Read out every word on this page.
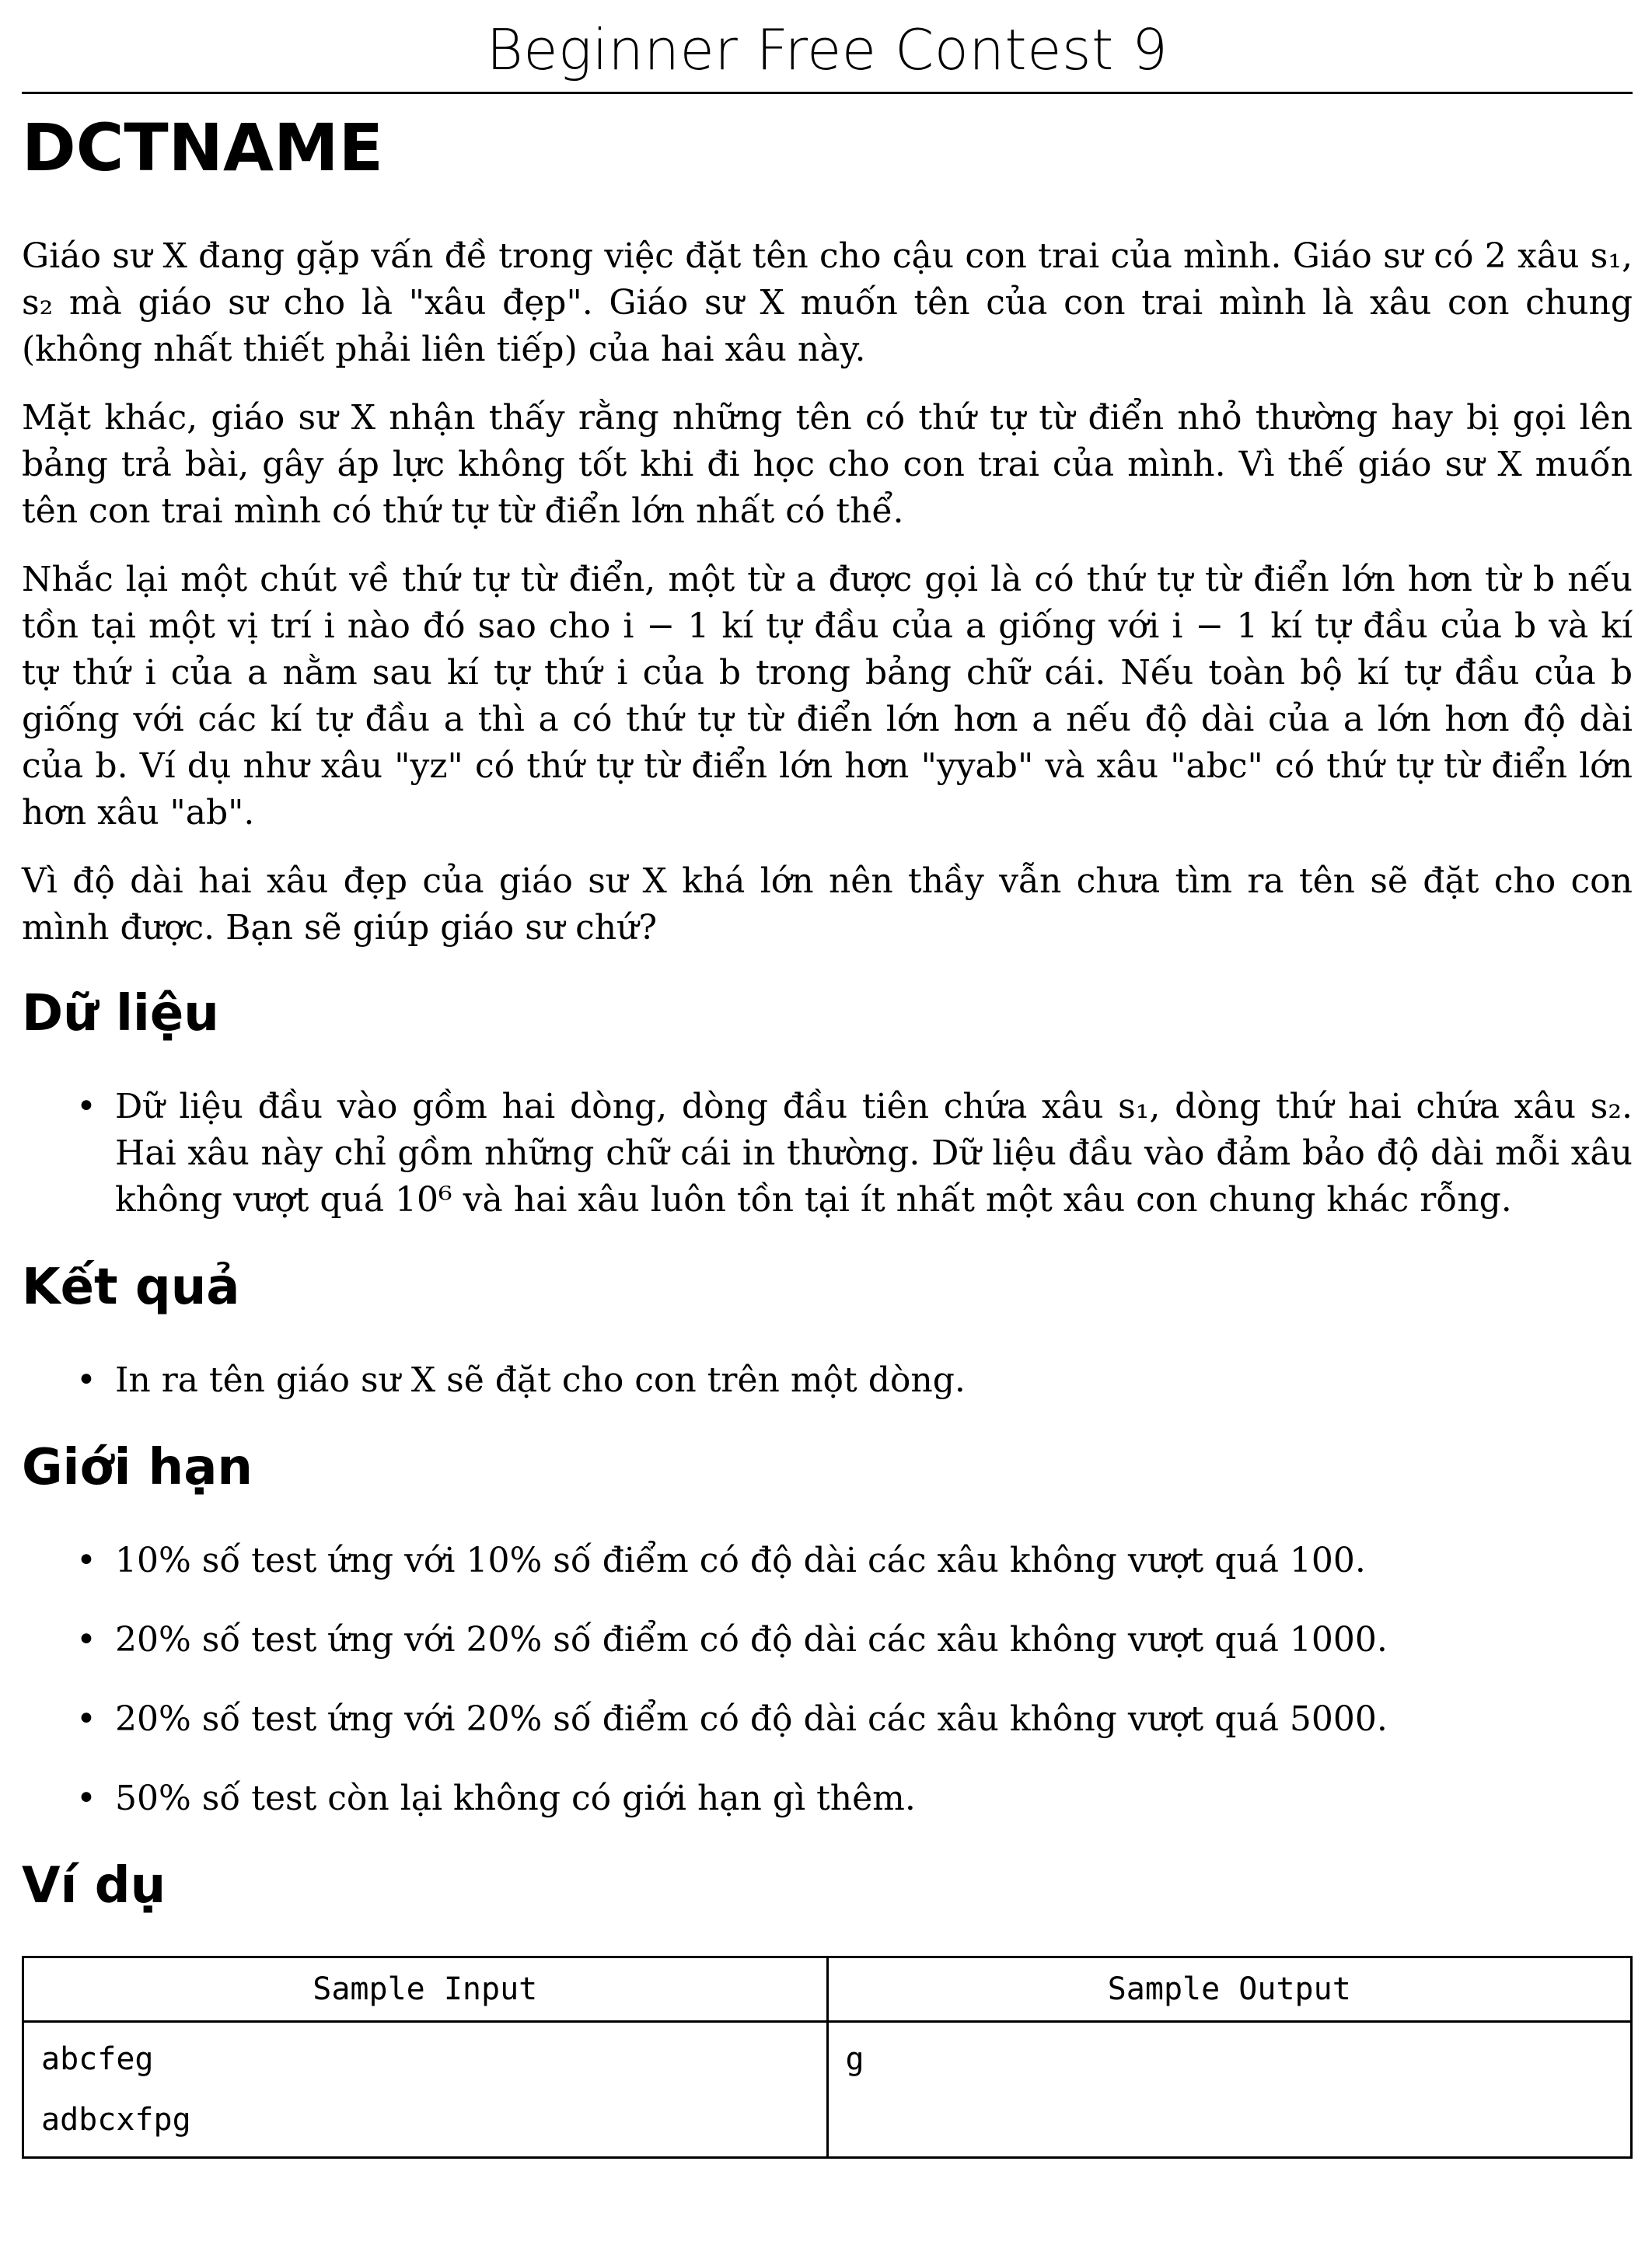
Beginner Free Contest 9
DCTNAME

Giáo sư X đang gặp vấn đề trong việc đặt tên cho cậu con trai của mình. Giáo sư có 2 xâu s₁, s₂ mà giáo sư cho là "xâu đẹp". Giáo sư X muốn tên của con trai mình là xâu con chung (không nhất thiết phải liên tiếp) của hai xâu này.

Mặt khác, giáo sư X nhận thấy rằng những tên có thứ tự từ điển nhỏ thường hay bị gọi lên bảng trả bài, gây áp lực không tốt khi đi học cho con trai của mình. Vì thế giáo sư X muốn tên con trai mình có thứ tự từ điển lớn nhất có thể.

Nhắc lại một chút về thứ tự từ điển, một từ a được gọi là có thứ tự từ điển lớn hơn từ b nếu tồn tại một vị trí i nào đó sao cho i − 1 kí tự đầu của a giống với i − 1 kí tự đầu của b và kí tự thứ i của a nằm sau kí tự thứ i của b trong bảng chữ cái. Nếu toàn bộ kí tự đầu của b giống với các kí tự đầu a thì a có thứ tự từ điển lớn hơn a nếu độ dài của a lớn hơn độ dài của b. Ví dụ như xâu "yz" có thứ tự từ điển lớn hơn "yyab" và xâu "abc" có thứ tự từ điển lớn hơn xâu "ab".

Vì độ dài hai xâu đẹp của giáo sư X khá lớn nên thầy vẫn chưa tìm ra tên sẽ đặt cho con mình được. Bạn sẽ giúp giáo sư chứ?

Dữ liệu
• Dữ liệu đầu vào gồm hai dòng, dòng đầu tiên chứa xâu s₁, dòng thứ hai chứa xâu s₂. Hai xâu này chỉ gồm những chữ cái in thường. Dữ liệu đầu vào đảm bảo độ dài mỗi xâu không vượt quá 10⁶ và hai xâu luôn tồn tại ít nhất một xâu con chung khác rỗng.
Kết quả
• In ra tên giáo sư X sẽ đặt cho con trên một dòng.
Giới hạn
• 10% số test ứng với 10% số điểm có độ dài các xâu không vượt quá 100.
• 20% số test ứng với 20% số điểm có độ dài các xâu không vượt quá 1000.
• 20% số test ứng với 20% số điểm có độ dài các xâu không vượt quá 5000.
• 50% số test còn lại không có giới hạn gì thêm.
Ví dụ
Sample Input	Sample Output

abcfeg
adbcxfpg	g
